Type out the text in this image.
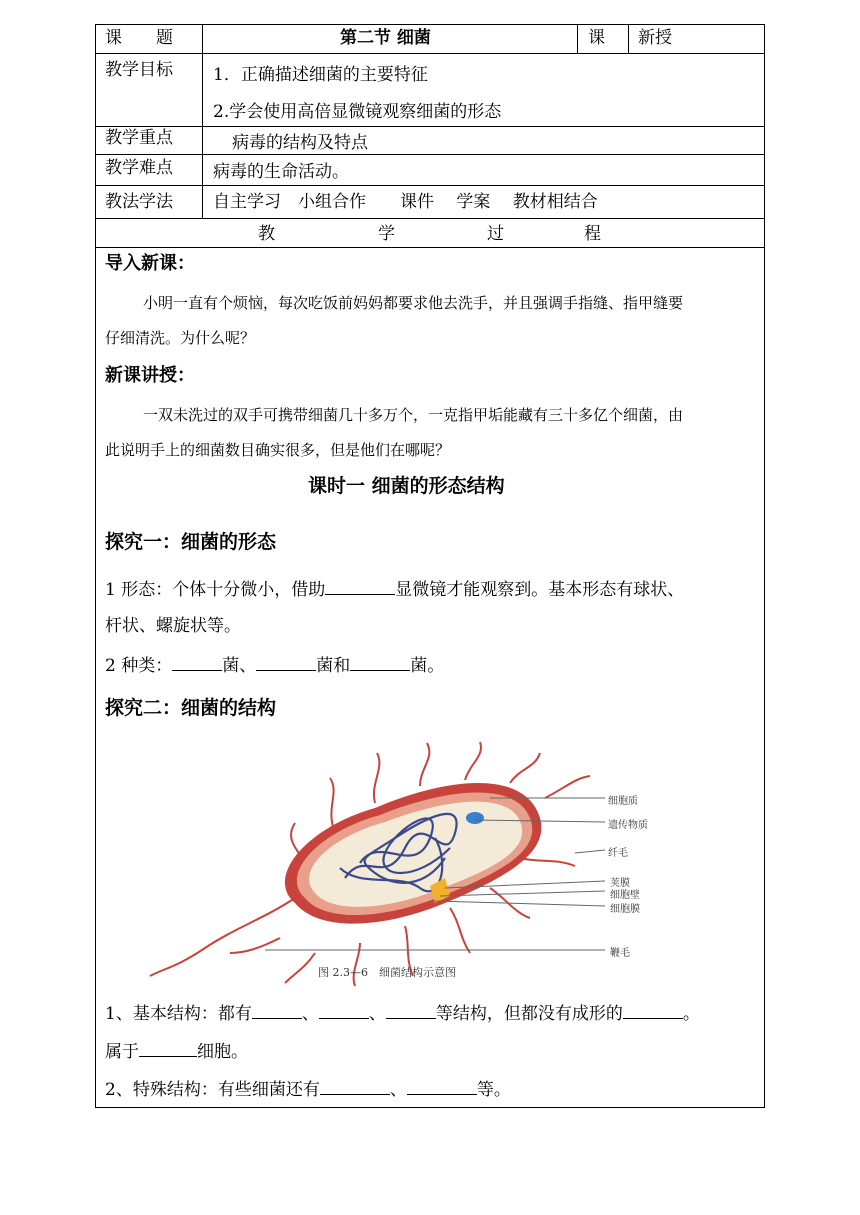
课　　题	第二节 细菌	课 新授
教学目标 1．正确描述细菌的主要特征
2.学会使用高倍显微镜观察细菌的形态
教学重点	病毒的结构及特点
教学难点 病毒的生命活动。
教法学法 自主学习　小组合作　　课件　 学案　 教材相结合
教	学	过	程
导入新课：
小明一直有个烦恼，每次吃饭前妈妈都要求他去洗手，并且强调手指缝、指甲缝要
仔细清洗。为什么呢？
新课讲授：
一双未洗过的双手可携带细菌几十多万个，一克指甲垢能藏有三十多亿个细菌，由
此说明手上的细菌数目确实很多，但是他们在哪呢？
课时一 细菌的形态结构
探究一：细菌的形态
1 形态：个体十分微小，借助	显微镜才能观察到。基本形态有球状、
杆状、螺旋状等。
2 种类：	菌、	菌和	菌。
探究二：细菌的结构
细胞质
遗传物质
纤毛
荚膜
细胞壁
细胞膜
鞭毛
图 2.3—6　细菌结构示意图
1、基本结构：都有	、	、	等结构，但都没有成形的	。
属于	细胞。
2、特殊结构：有些细菌还有	、	等。
